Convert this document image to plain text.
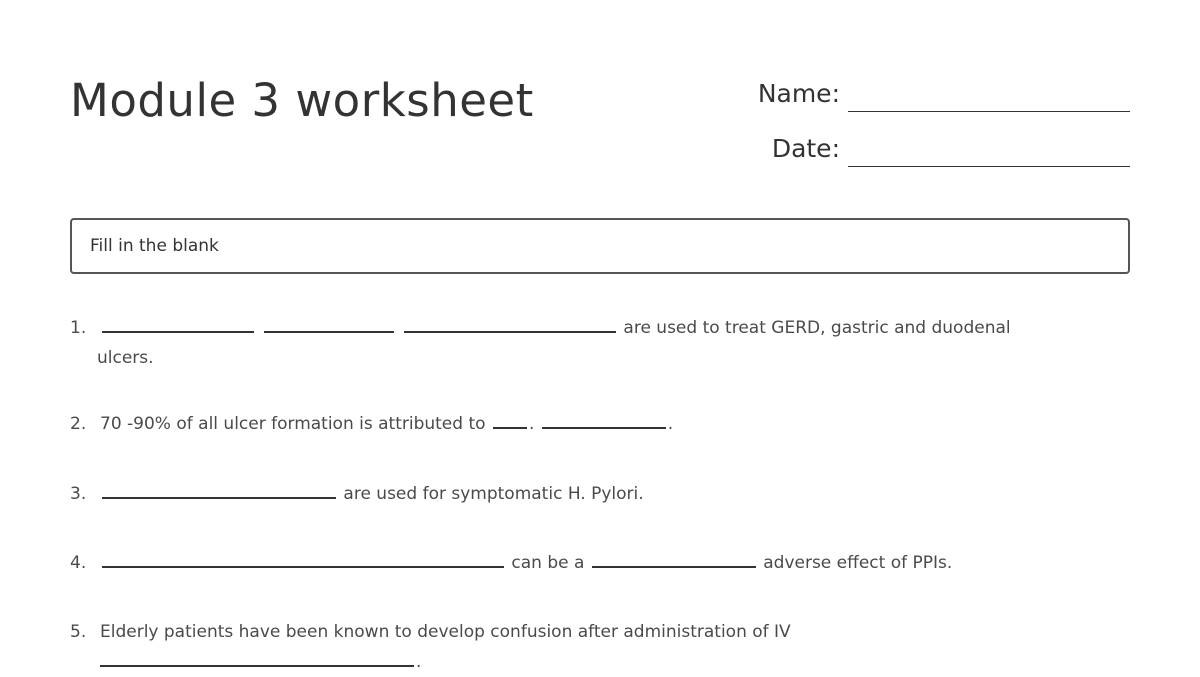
Module 3 worksheet	Name:
Date:
Fill in the blank
1.	are used to treat GERD, gastric and duodenal
ulcers.
2. 70 -90% of all ulcer formation is attributed to	.	.
3.	are used for symptomatic H. Pylori.
4.	can be a	adverse effect of PPIs.
5. Elderly patients have been known to develop confusion after administration of IV
.
